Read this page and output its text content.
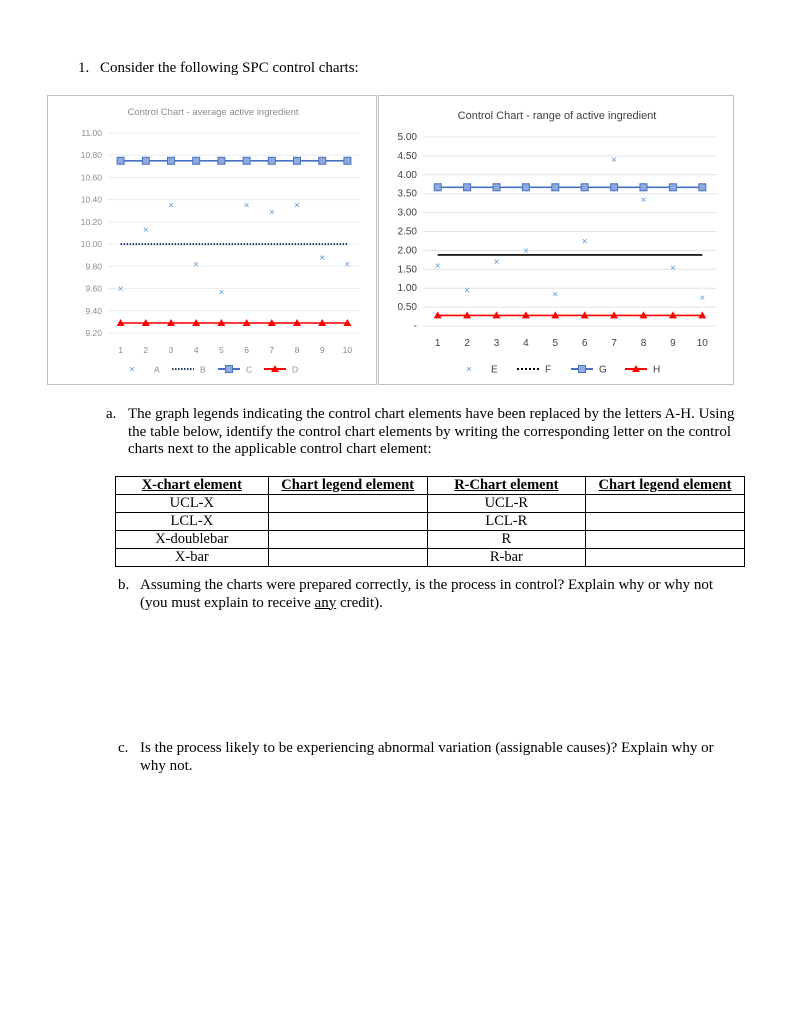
1. Consider the following SPC control charts:
Control Chart - average active ingredient
11.00
10.80
10.60
10.40
10.20
10.00
9.80
9.60
9.40
9.20
1 2 3 4 5 6 7 8 9 10
×
×
×
×
×
×
×
×
×
×
× A	B	C	D
Control Chart - range of active ingredient
5.00
4.50
4.00
3.50
3.00
2.50
2.00
1.50
1.00
0.50
-
1 2 3 4 5 6 7 8 9 10
×
×
×
×
×
×
×
×
×
×
× E	F	G	H
a. The graph legends indicating the control chart elements have been replaced by the letters A-H. Using the table below, identify the control chart elements by writing the corresponding letter on the control charts next to the applicable control chart element:
X-chart element	Chart legend element	R-Chart element	Chart legend element
UCL-X		UCL-R	
LCL-X		LCL-R	
X-doublebar		R	
X-bar		R-bar	
b. Assuming the charts were prepared correctly, is the process in control? Explain why or why not (you must explain to receive any credit).
c. Is the process likely to be experiencing abnormal variation (assignable causes)? Explain why or why not.
